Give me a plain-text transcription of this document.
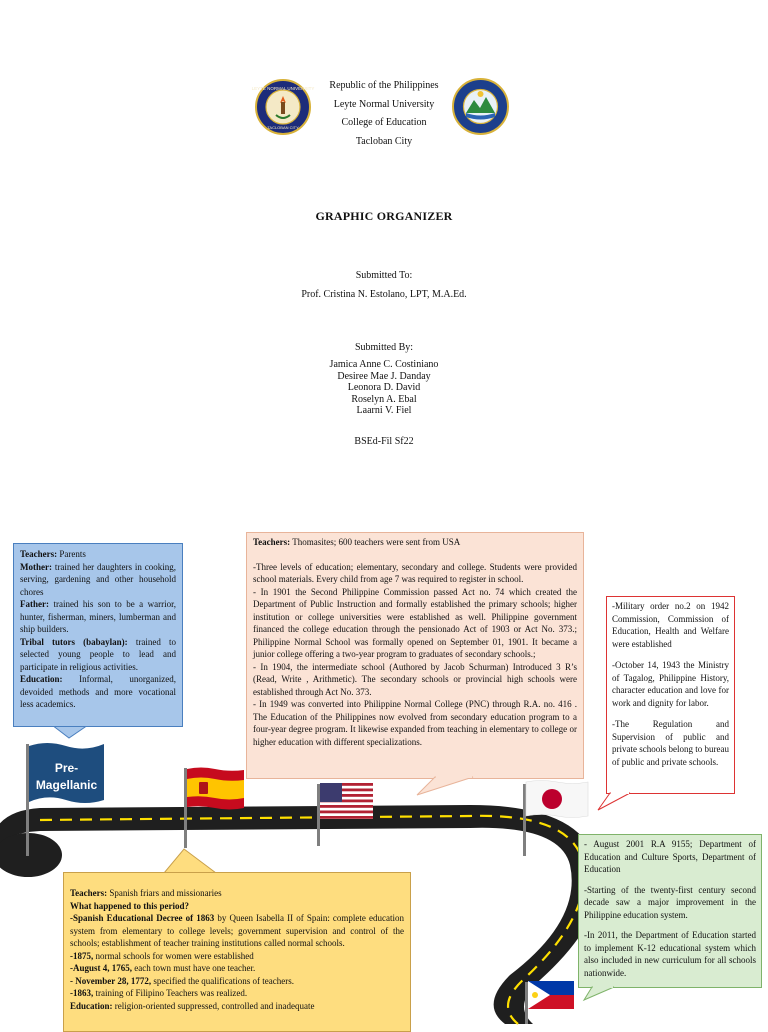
LEYTE NORMAL UNIVERSITY
TACLOBAN CITY
Republic of the Philippines
Leyte Normal University
College of Education
Tacloban City
GRAPHIC ORGANIZER
Submitted To:
Prof. Cristina N. Estolano, LPT, M.A.Ed.
Submitted By:
Jamica Anne C. Costiniano
Desiree Mae J. Danday
Leonora D. David
Roselyn A. Ebal
Laarni V. Fiel
BSEd-Fil Sf22
Pre-
Magellanic

Teachers: Parents

Mother: trained her daughters in cooking, serving, gardening and other household chores

Father: trained his son to be a warrior, hunter, fisherman, miners, lumberman and ship builders.

Tribal tutors (babaylan): trained to selected young people to lead and participate in religious activities.

Education: Informal, unorganized, devoided methods and more vocational less academics.

Teachers: Thomasites; 600 teachers were sent from USA

-Three levels of education; elementary, secondary and college. Students were provided school materials. Every child from age 7 was required to register in school.

- In 1901 the Second Philippine Commission passed Act no. 74 which created the Department of Public Instruction and formally established the primary schools; higher institution or college universities were established as well. Philippine government financed the college education through the pensionado Act of 1903 or Act No. 373.; Philippine Normal School was formally opened on September 01, 1901. It became a junior college offering a two-year program to graduates of secondary schools.;

- In 1904, the intermediate school (Authored by Jacob Schurman) Introduced 3 R’s (Read, Write , Arithmetic). The secondary schools or provincial high schools were established through Act No. 373.

- In 1949 was converted into Philippine Normal College (PNC) through R.A. no. 416 . The Education of the Philippines now evolved from secondary education program to a four-year degree program. It likewise expanded from teaching in elementary to college or higher education with different specializations.

-Military order no.2 on 1942 Commission, Commission of Education, Health and Welfare were established

-October 14, 1943 the Ministry of Tagalog, Philippine History, character education and love for work and dignity for labor.

-The Regulation and Supervision of public and private schools belong to bureau of public and private schools.

Teachers: Spanish friars and missionaries

What happened to this period?

-Spanish Educational Decree of 1863 by Queen Isabella II of Spain: complete education system from elementary to college levels; government supervision and control of the schools; establishment of teacher training institutions called normal schools.

-1875, normal schools for women were established

-August 4, 1765, each town must have one teacher.

- November 28, 1772, specified the qualifications of teachers.

-1863, training of Filipino Teachers was realized.

Education: religion-oriented suppressed, controlled and inadequate

- August 2001 R.A 9155; Department of Education and Culture Sports, Department of Education

-Starting of the twenty-first century second decade saw a major improvement in the Philippine education system.

-In 2011, the Department of Education started to implement K-12 educational system which also included in new curriculum for all schools nationwide.
